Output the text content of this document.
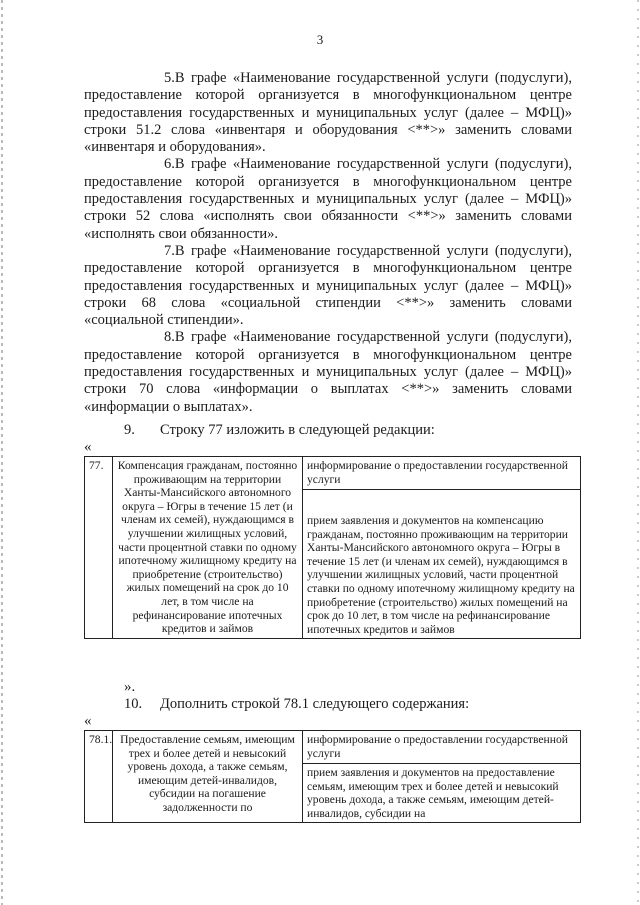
3

5.В графе «Наименование государственной услуги (подуслуги), предоставление которой организуется в многофункциональном центре предоставления государственных и муниципальных услуг (далее – МФЦ)» строки 51.2 слова «инвентаря и оборудования <**>» заменить словами «инвентаря и оборудования».

6.В графе «Наименование государственной услуги (подуслуги), предоставление которой организуется в многофункциональном центре предоставления государственных и муниципальных услуг (далее – МФЦ)» строки 52 слова «исполнять свои обязанности <**>» заменить словами «исполнять свои обязанности».

7.В графе «Наименование государственной услуги (подуслуги), предоставление которой организуется в многофункциональном центре предоставления государственных и муниципальных услуг (далее – МФЦ)» строки 68 слова «социальной стипендии <**>» заменить словами «социальной стипендии».

8.В графе «Наименование государственной услуги (подуслуги), предоставление которой организуется в многофункциональном центре предоставления государственных и муниципальных услуг (далее – МФЦ)» строки 70 слова «информации о выплатах <**>» заменить словами «информации о выплатах».

9. Строку 77 изложить в следующей редакции:
«
77.	Компенсация гражданам, постоянно проживающим на территории Ханты-Мансийского автономного округа – Югры в течение 15 лет (и членам их семей), нуждающимся в улучшении жилищных условий, части процентной ставки по одному ипотечному жилищному кредиту на приобретение (строительство) жилых помещений на срок до 10 лет, в том числе на рефинансирование ипотечных кредитов и займов	информирование о предоставлении государственной услуги
прием заявления и документов на компенсацию гражданам, постоянно проживающим на территории Ханты-Мансийского автономного округа – Югры в течение 15 лет (и членам их семей), нуждающимся в улучшении жилищных условий, части процентной ставки по одному ипотечному жилищному кредиту на приобретение (строительство) жилых помещений на срок до 10 лет, в том числе на рефинансирование ипотечных кредитов и займов
».
10. Дополнить строкой 78.1 следующего содержания:
«
78.1.	Предоставление семьям, имеющим трех и более детей и невысокий уровень дохода, а также семьям, имеющим детей-инвалидов, субсидии на погашение задолженности по	информирование о предоставлении государственной услуги
прием заявления и документов на предоставление семьям, имеющим трех и более детей и невысокий уровень дохода, а также семьям, имеющим детей-инвалидов, субсидии на
